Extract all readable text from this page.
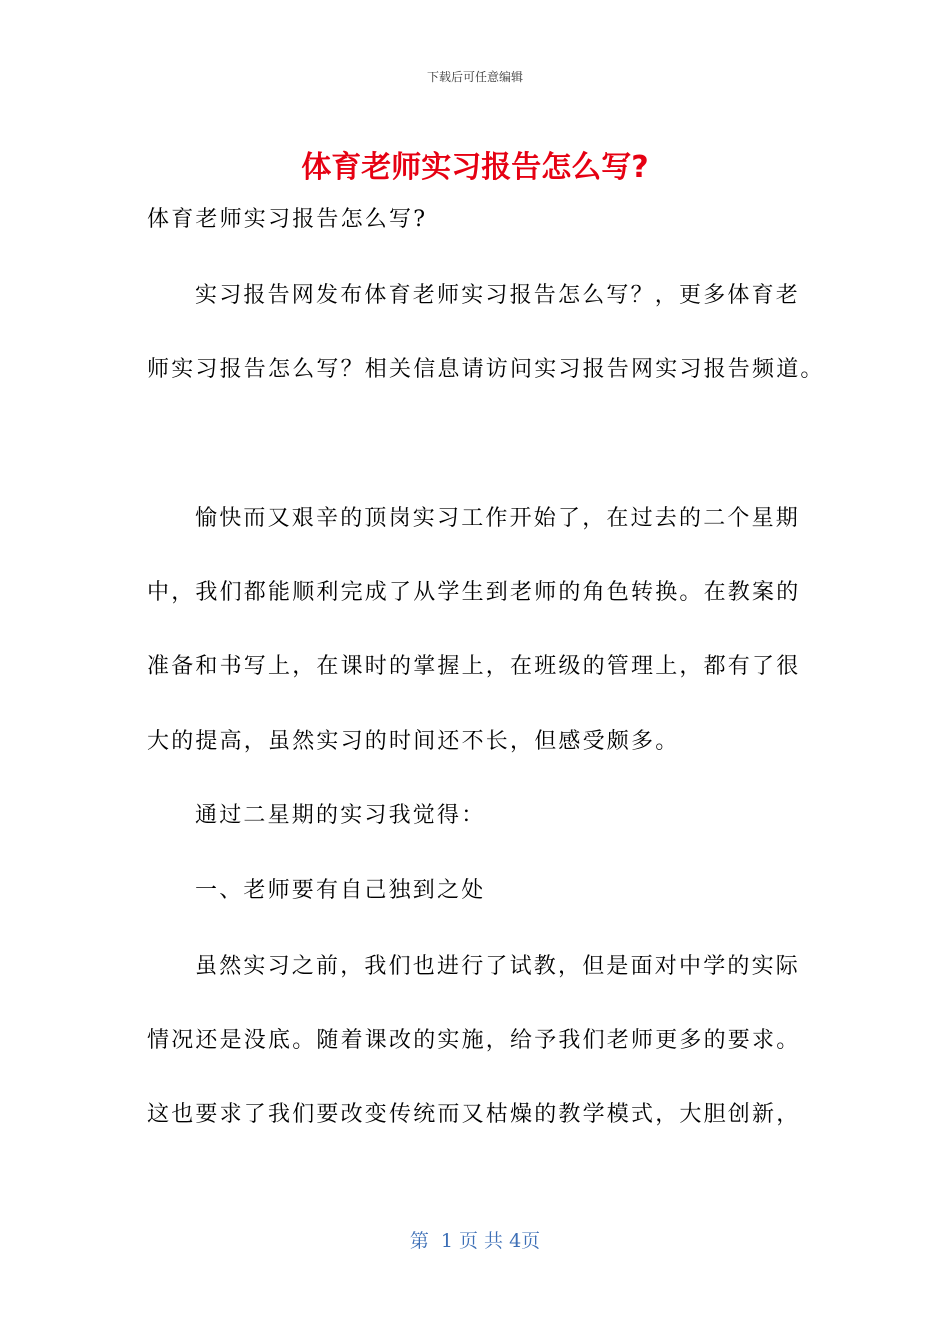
下载后可任意编辑
体育老师实习报告怎么写?
体育老师实习报告怎么写?
实习报告网发布体育老师实习报告怎么写？，更多体育老
师实习报告怎么写？相关信息请访问实习报告网实习报告频道。
愉快而又艰辛的顶岗实习工作开始了，在过去的二个星期
中，我们都能顺利完成了从学生到老师的角色转换。在教案的
准备和书写上，在课时的掌握上，在班级的管理上，都有了很
大的提高，虽然实习的时间还不长，但感受颇多。
通过二星期的实习我觉得：
一、老师要有自己独到之处
虽然实习之前，我们也进行了试教，但是面对中学的实际
情况还是没底。随着课改的实施，给予我们老师更多的要求。
这也要求了我们要改变传统而又枯燥的教学模式，大胆创新，
第  1 页 共 4页
